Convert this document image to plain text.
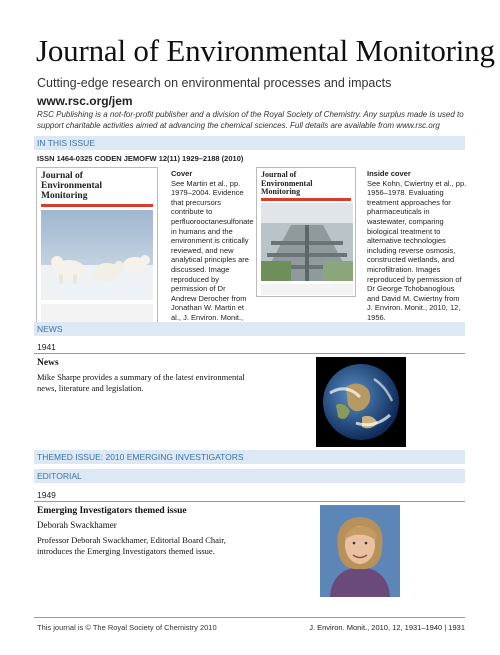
Journal of Environmental Monitoring
Cutting-edge research on environmental processes and impacts
www.rsc.org/jem
RSC Publishing is a not-for-profit publisher and a division of the Royal Society of Chemistry. Any surplus made is used to support charitable activities aimed at advancing the chemical sciences. Full details are available from www.rsc.org
IN THIS ISSUE
ISSN 1464-0325 CODEN JEMOFW 12(11) 1929–2188 (2010)
Journal of
Environmental
Monitoring
Cover
See Martin et al., pp. 1979–2004. Evidence that precursors contribute to perfluorooctanesulfonate in humans and the environment is critically reviewed, and new analytical principles are discussed. Image reproduced by permission of Dr Andrew Derocher from Jonathan W. Martin et al., J. Environ. Monit.,
Journal of
Environmental
Monitoring
Inside cover
See Kohn, Cwiertny et al., pp. 1956–1978. Evaluating treatment approaches for pharmaceuticals in wastewater, comparing biological treatment to alternative technologies including reverse osmosis, constructed wetlands, and microfiltration. Images reproduced by permission of Dr George Tchobanoglous and David M. Cwiertny from J. Environ. Monit., 2010, 12, 1956.
NEWS
1941
News
Mike Sharpe provides a summary of the latest environmental news, literature and legislation.
THEMED ISSUE: 2010 EMERGING INVESTIGATORS
EDITORIAL
1949
Emerging Investigators themed issue
Deborah Swackhamer
Professor Deborah Swackhamer, Editorial Board Chair, introduces the Emerging Investigators themed issue.
This journal is © The Royal Society of Chemistry 2010	J. Environ. Monit., 2010, 12, 1931–1940 | 1931
